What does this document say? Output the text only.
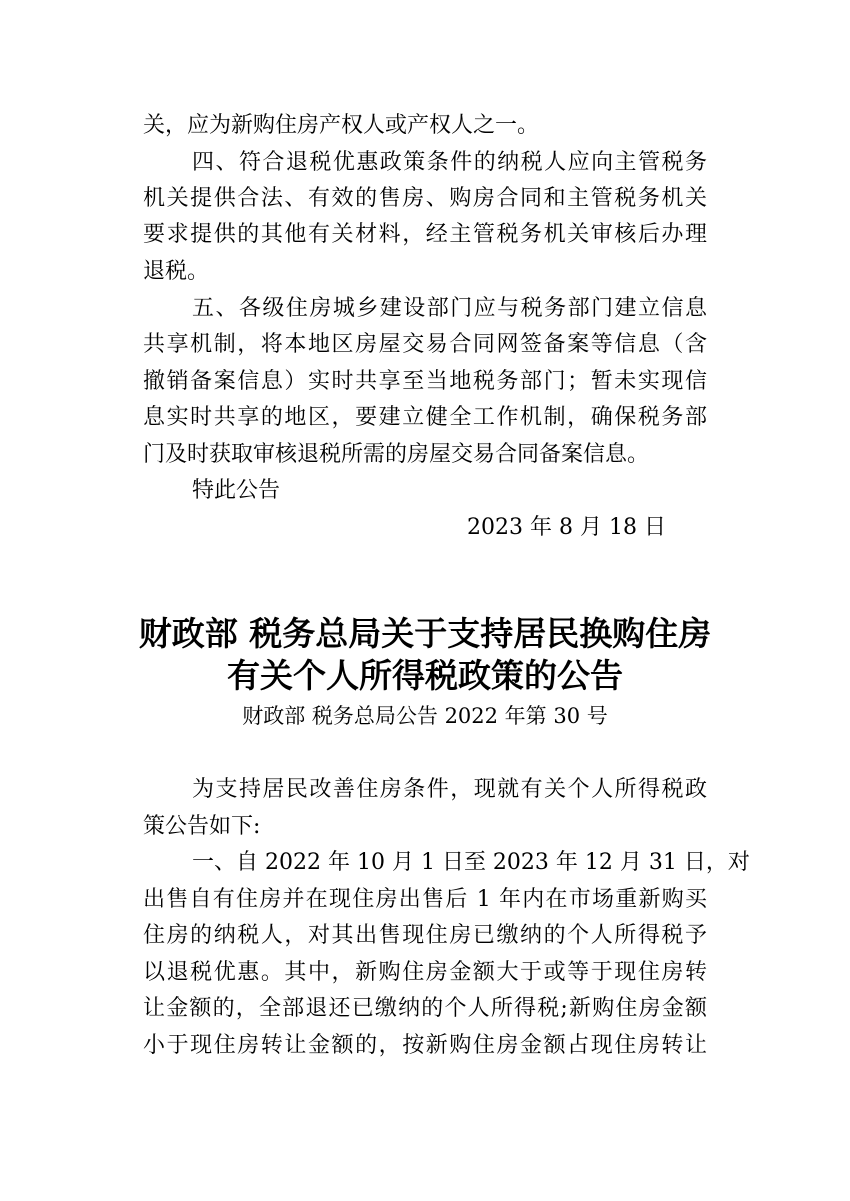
关，应为新购住房产权人或产权人之一。
四、符合退税优惠政策条件的纳税人应向主管税务
机关提供合法、有效的售房、购房合同和主管税务机关
要求提供的其他有关材料，经主管税务机关审核后办理
退税。
五、各级住房城乡建设部门应与税务部门建立信息
共享机制，将本地区房屋交易合同网签备案等信息（含
撤销备案信息）实时共享至当地税务部门；暂未实现信
息实时共享的地区，要建立健全工作机制，确保税务部
门及时获取审核退税所需的房屋交易合同备案信息。
特此公告
2023 年 8 月 18 日
财政部 税务总局关于支持居民换购住房
有关个人所得税政策的公告
财政部 税务总局公告 2022 年第 30 号
为支持居民改善住房条件，现就有关个人所得税政
策公告如下:
一、自 2022 年 10 月 1 日至 2023 年 12 月 31 日，对
出售自有住房并在现住房出售后 1 年内在市场重新购买
住房的纳税人，对其出售现住房已缴纳的个人所得税予
以退税优惠。其中，新购住房金额大于或等于现住房转
让金额的，全部退还已缴纳的个人所得税;新购住房金额
小于现住房转让金额的，按新购住房金额占现住房转让
